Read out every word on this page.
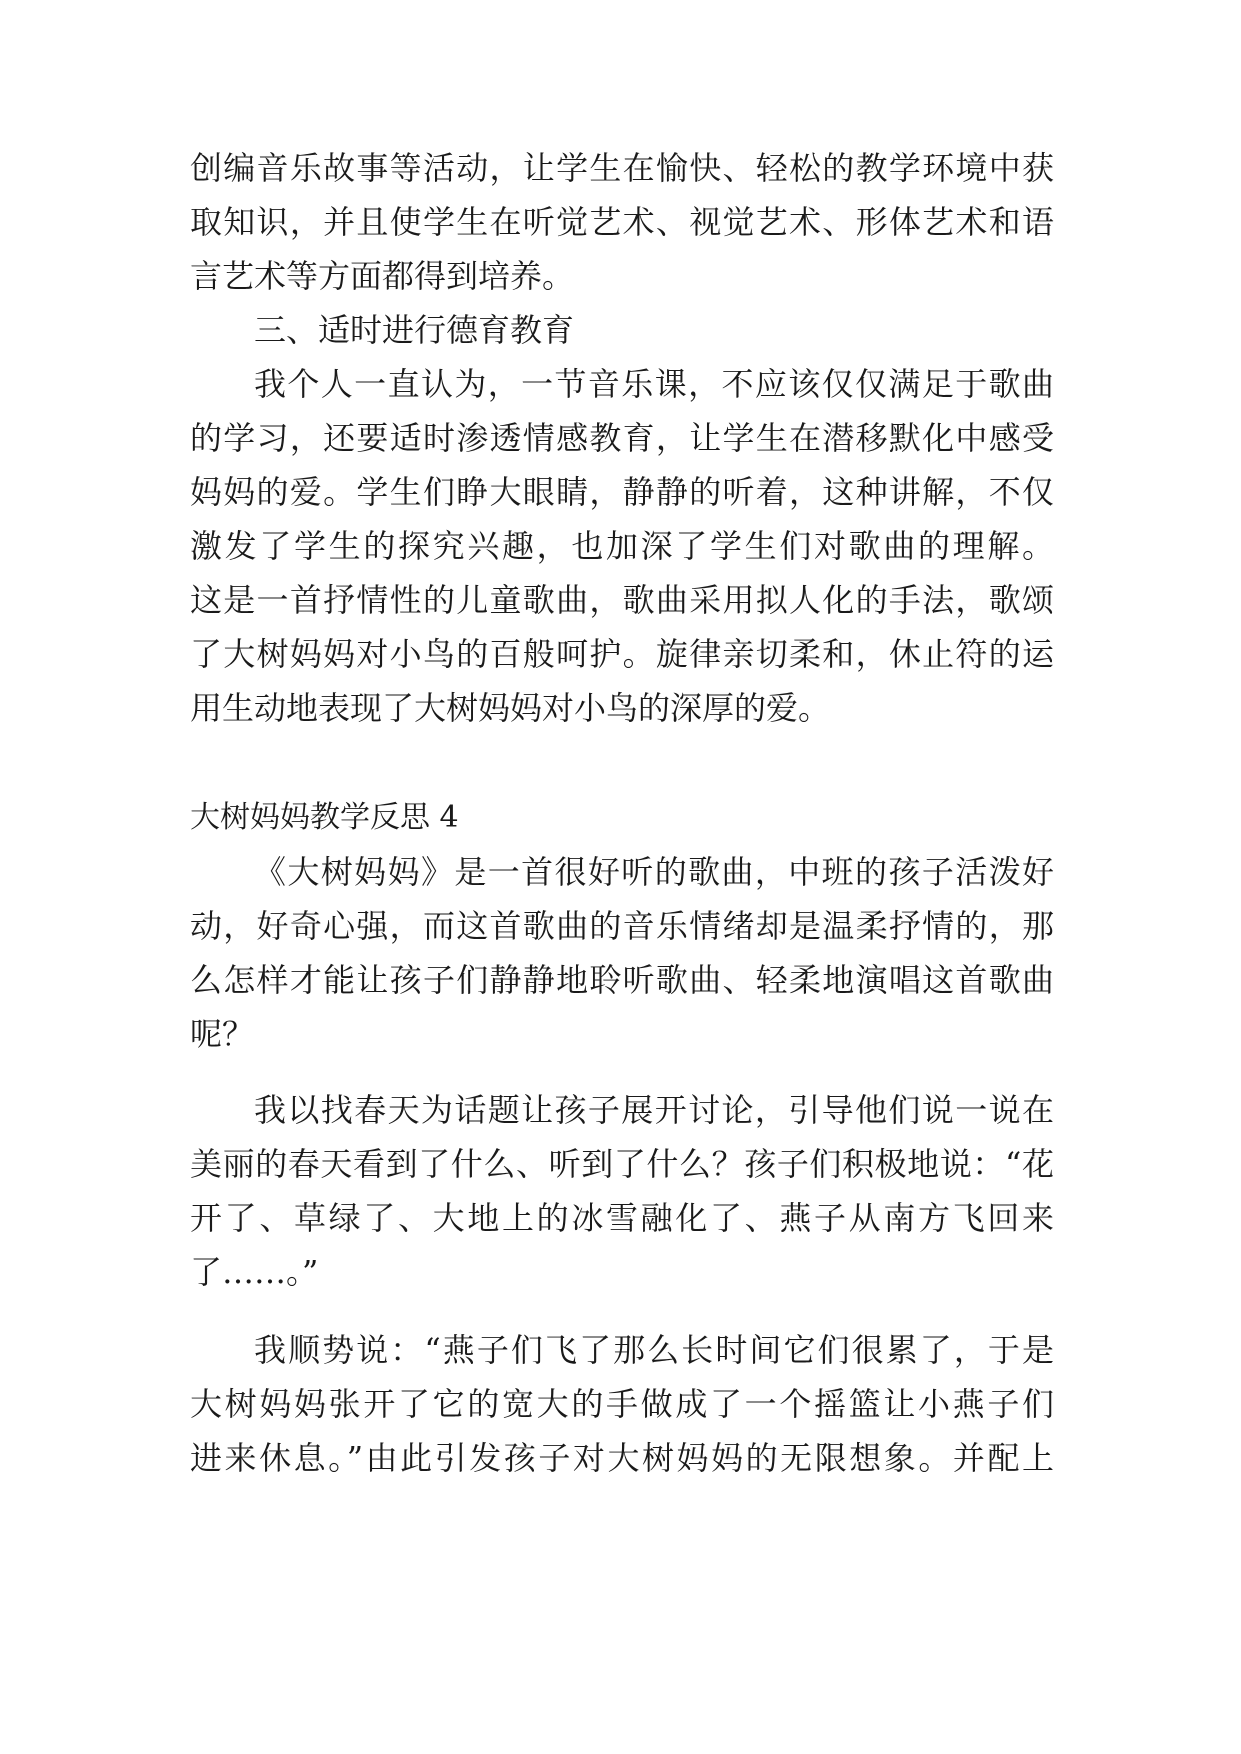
创编音乐故事等活动，让学生在愉快、轻松的教学环境中获
取知识，并且使学生在听觉艺术、视觉艺术、形体艺术和语
言艺术等方面都得到培养。
三、适时进行德育教育
我个人一直认为，一节音乐课，不应该仅仅满足于歌曲
的学习，还要适时渗透情感教育，让学生在潜移默化中感受
妈妈的爱。学生们睁大眼睛，静静的听着，这种讲解，不仅
激发了学生的探究兴趣，也加深了学生们对歌曲的理解。
这是一首抒情性的儿童歌曲，歌曲采用拟人化的手法，歌颂
了大树妈妈对小鸟的百般呵护。旋律亲切柔和，休止符的运
用生动地表现了大树妈妈对小鸟的深厚的爱。
大树妈妈教学反思 4
《大树妈妈》是一首很好听的歌曲，中班的孩子活泼好
动，好奇心强，而这首歌曲的音乐情绪却是温柔抒情的，那
么怎样才能让孩子们静静地聆听歌曲、轻柔地演唱这首歌曲
呢？
我以找春天为话题让孩子展开讨论，引导他们说一说在
美丽的春天看到了什么、听到了什么？孩子们积极地说：“花
开了、草绿了、大地上的冰雪融化了、燕子从南方飞回来
了……。”
我顺势说：“燕子们飞了那么长时间它们很累了，于是
大树妈妈张开了它的宽大的手做成了一个摇篮让小燕子们
进来休息。”由此引发孩子对大树妈妈的无限想象。并配上
